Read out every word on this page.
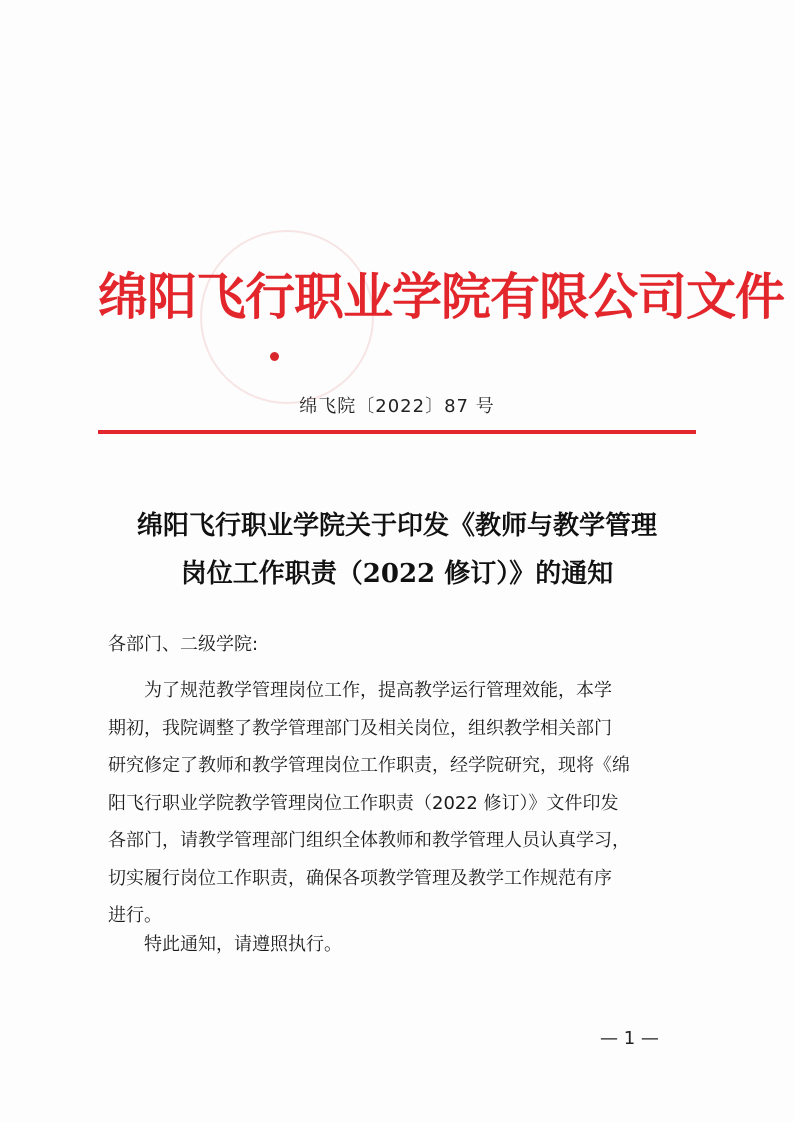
绵阳飞行职业学院有限公司文件
绵飞院〔2022〕87 号
绵阳飞行职业学院关于印发《教师与教学管理
岗位工作职责（2022 修订）》的通知
各部门、二级学院:
　　为了规范教学管理岗位工作，提高教学运行管理效能，本学
期初，我院调整了教学管理部门及相关岗位，组织教学相关部门
研究修定了教师和教学管理岗位工作职责，经学院研究，现将《绵
阳飞行职业学院教学管理岗位工作职责（2022 修订）》文件印发
各部门，请教学管理部门组织全体教师和教学管理人员认真学习，
切实履行岗位工作职责，确保各项教学管理及教学工作规范有序
进行。
特此通知，请遵照执行。
— 1 —
